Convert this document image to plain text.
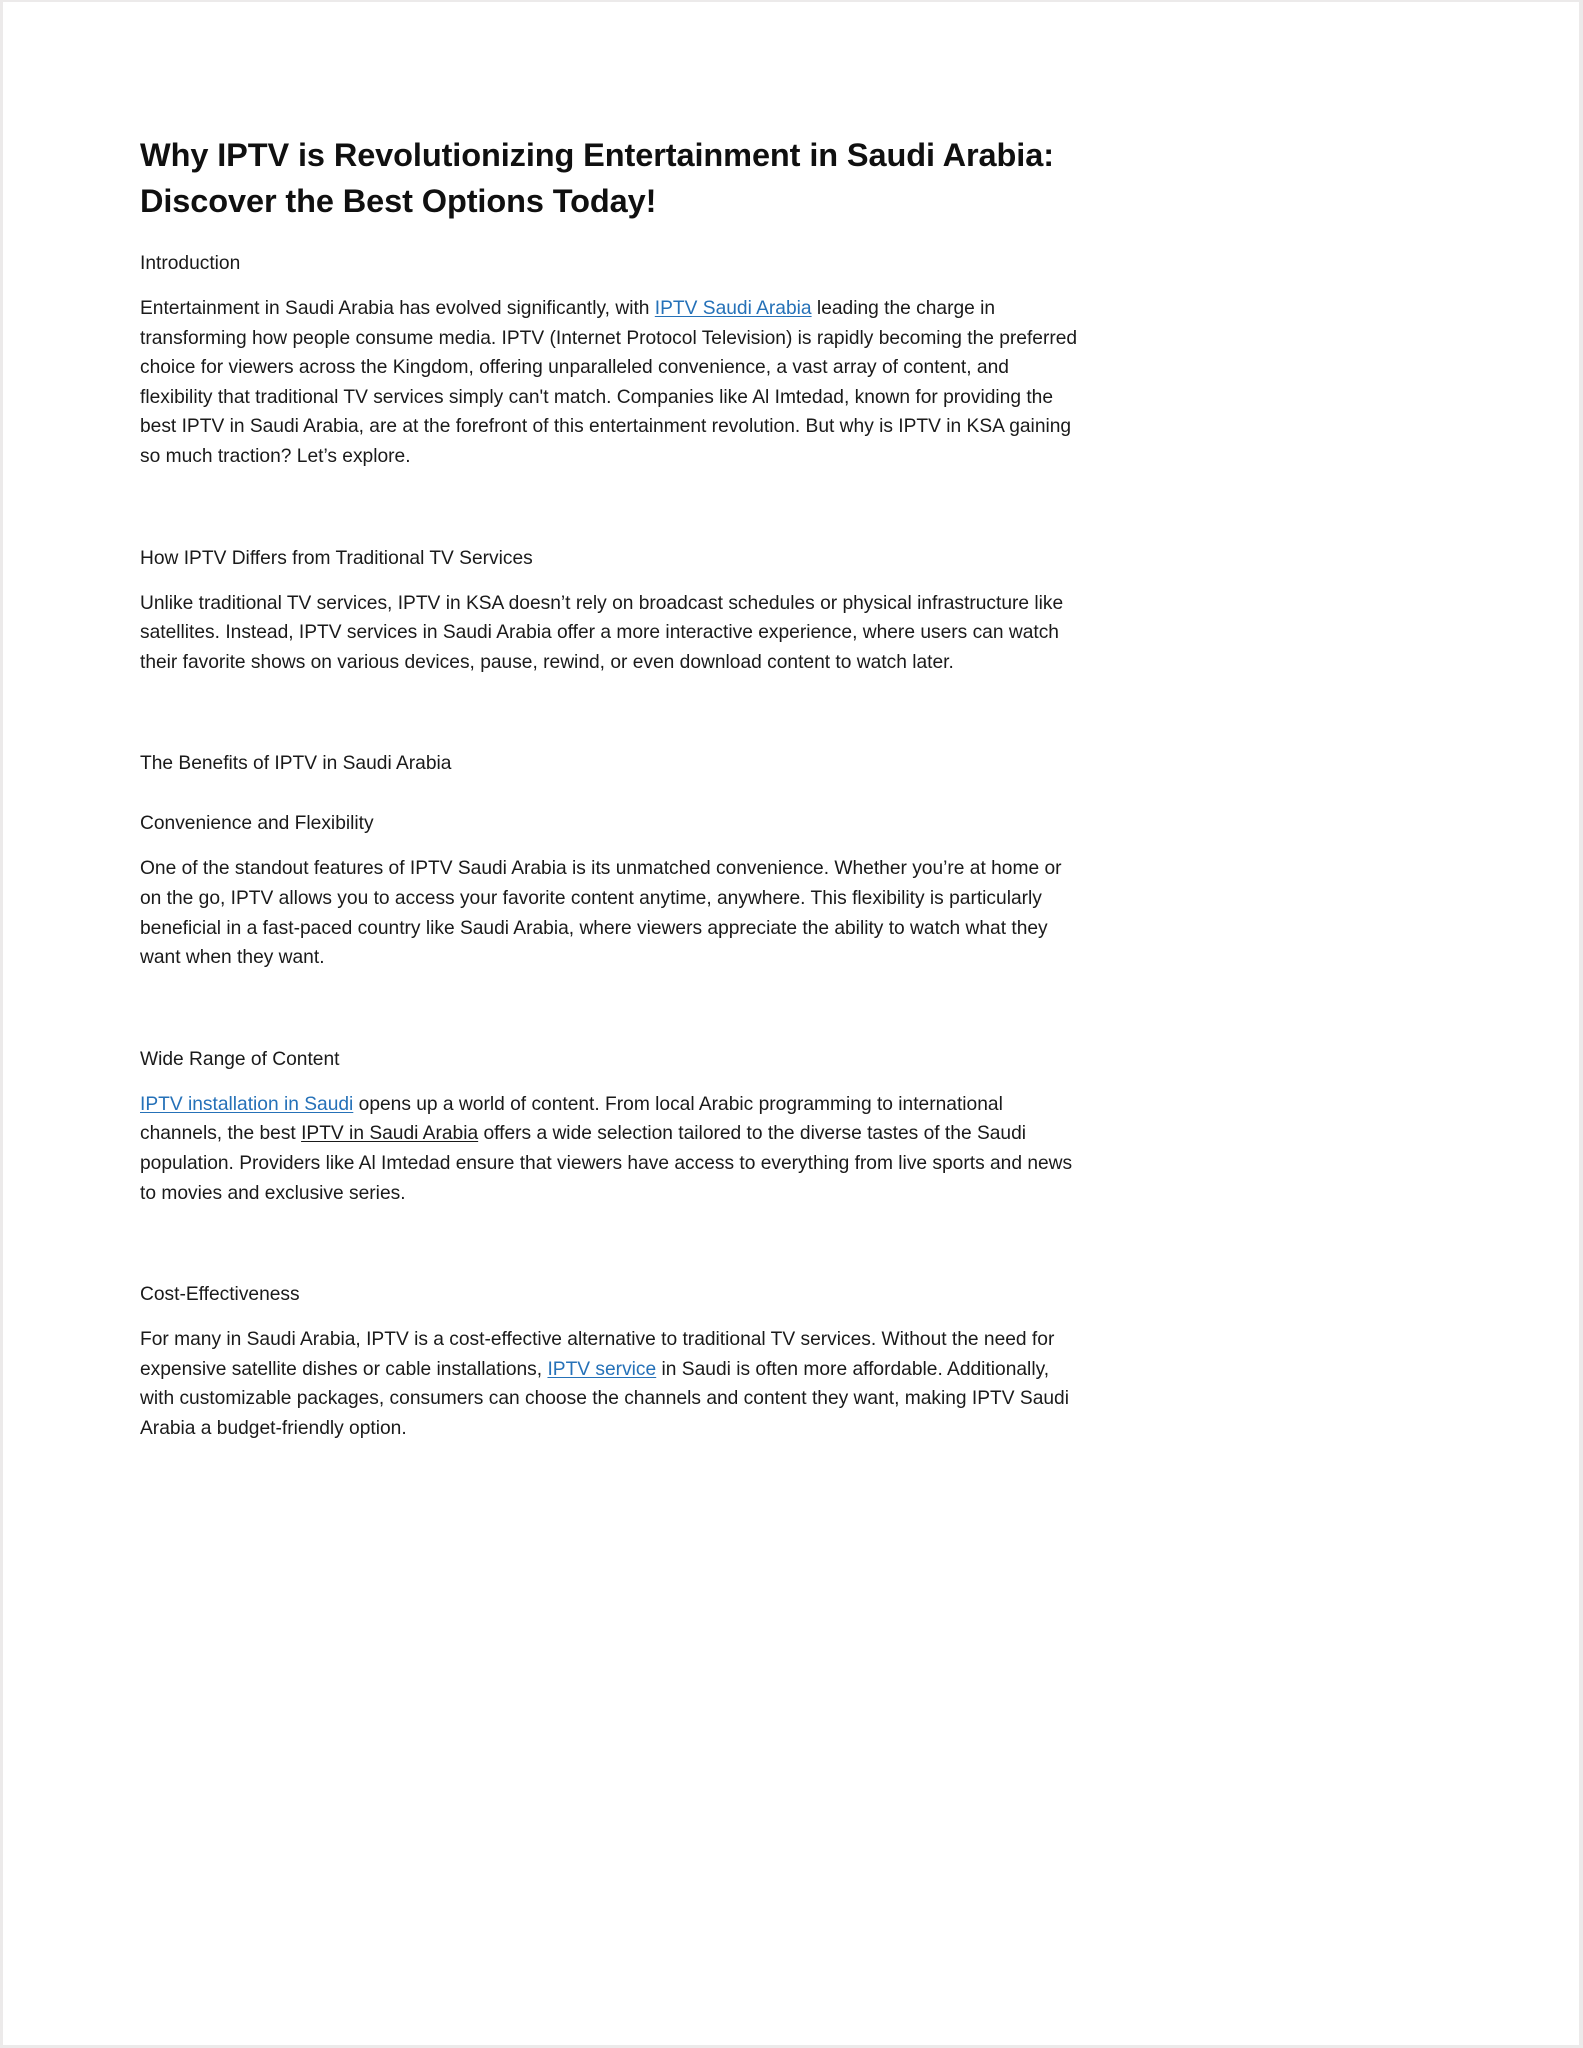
Why IPTV is Revolutionizing Entertainment in Saudi Arabia:
Discover the Best Options Today!

Introduction

Entertainment in Saudi Arabia has evolved significantly, with IPTV Saudi Arabia leading the charge in transforming how people consume media. IPTV (Internet Protocol Television) is rapidly becoming the preferred choice for viewers across the Kingdom, offering unparalleled convenience, a vast array of content, and flexibility that traditional TV services simply can't match. Companies like Al Imtedad, known for providing the best IPTV in Saudi Arabia, are at the forefront of this entertainment revolution. But why is IPTV in KSA gaining so much traction? Let’s explore.

How IPTV Differs from Traditional TV Services

Unlike traditional TV services, IPTV in KSA doesn’t rely on broadcast schedules or physical infrastructure like satellites. Instead, IPTV services in Saudi Arabia offer a more interactive experience, where users can watch their favorite shows on various devices, pause, rewind, or even download content to watch later.

The Benefits of IPTV in Saudi Arabia

Convenience and Flexibility

One of the standout features of IPTV Saudi Arabia is its unmatched convenience. Whether you’re at home or on the go, IPTV allows you to access your favorite content anytime, anywhere. This flexibility is particularly beneficial in a fast-paced country like Saudi Arabia, where viewers appreciate the ability to watch what they want when they want.

Wide Range of Content

IPTV installation in Saudi opens up a world of content. From local Arabic programming to international channels, the best IPTV in Saudi Arabia offers a wide selection tailored to the diverse tastes of the Saudi population. Providers like Al Imtedad ensure that viewers have access to everything from live sports and news to movies and exclusive series.

Cost-Effectiveness

For many in Saudi Arabia, IPTV is a cost-effective alternative to traditional TV services. Without the need for expensive satellite dishes or cable installations, IPTV service in Saudi is often more affordable. Additionally, with customizable packages, consumers can choose the channels and content they want, making IPTV Saudi Arabia a budget-friendly option.
